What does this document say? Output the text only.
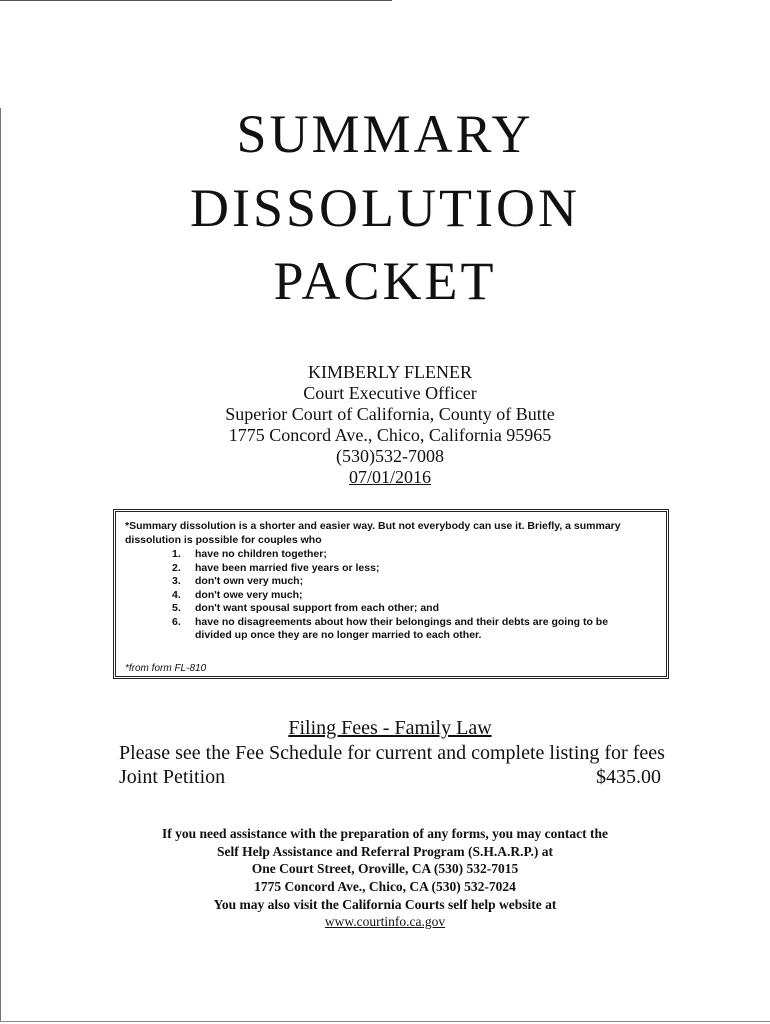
SUMMARY
DISSOLUTION
PACKET
KIMBERLY FLENER
Court Executive Officer
Superior Court of California, County of Butte
1775 Concord Ave., Chico, California 95965
(530)532-7008
07/01/2016
*Summary dissolution is a shorter and easier way. But not everybody can use it. Briefly, a summary dissolution is possible for couples who
1. have no children together;
2. have been married five years or less;
3. don't own very much;
4. don't owe very much;
5. don't want spousal support from each other; and
6. have no disagreements about how their belongings and their debts are going to be divided up once they are no longer married to each other.
*from form FL-810
Filing Fees - Family Law
Please see the Fee Schedule for current and complete listing for fees
Joint Petition	$435.00
If you need assistance with the preparation of any forms, you may contact the
Self Help Assistance and Referral Program (S.H.A.R.P.) at
One Court Street, Oroville, CA (530) 532-7015
1775 Concord Ave., Chico, CA (530) 532-7024
You may also visit the California Courts self help website at
www.courtinfo.ca.gov
